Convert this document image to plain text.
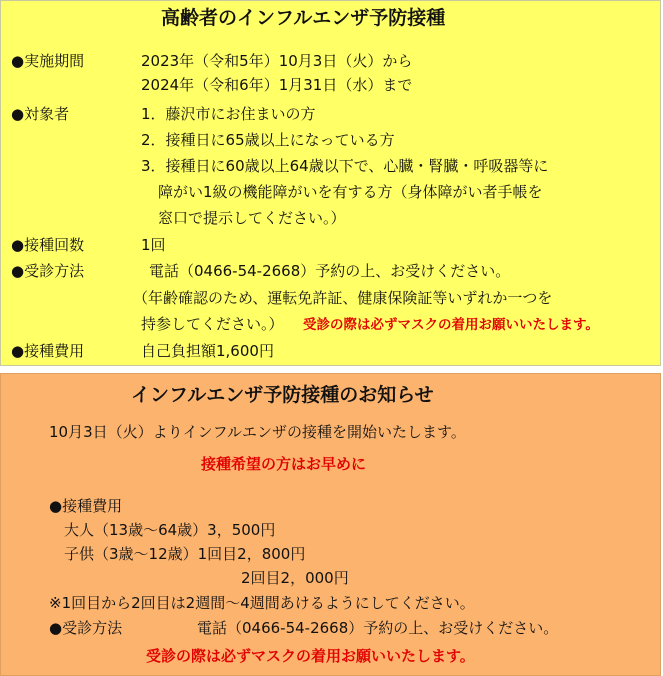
高齢者のインフルエンザ予防接種
●実施期間	2023年（令和5年）10月3日（火）から
2024年（令和6年）1月31日（水）まで
●対象者	1．藤沢市にお住まいの方
2．接種日に65歳以上になっている方
3．接種日に60歳以上64歳以下で、心臓・腎臓・呼吸器等に
障がい1級の機能障がいを有する方（身体障がい者手帳を
窓口で提示してください。）
●接種回数	1回
●受診方法	電話（0466-54-2668）予約の上、お受けください。
（年齢確認のため、運転免許証、健康保険証等いずれか一つを
持参してください。） 受診の際は必ずマスクの着用お願いいたします。
●接種費用	自己負担額1,600円
インフルエンザ予防接種のお知らせ
10月3日（火）よりインフルエンザの接種を開始いたします。
接種希望の方はお早めに
●接種費用
大人（13歳～64歳）3，500円
子供（3歳～12歳）1回目2，800円
2回目2，000円
※1回目から2回目は2週間～4週間あけるようにしてください。
●受診方法	電話（0466-54-2668）予約の上、お受けください。
受診の際は必ずマスクの着用お願いいたします。
